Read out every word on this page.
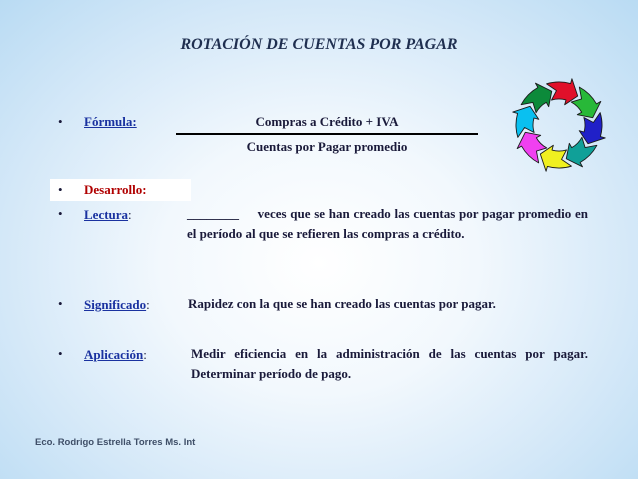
ROTACIÓN DE CUENTAS POR PAGAR
• Fórmula:	Compras a Crédito + IVA
Cuentas por Pagar promedio
• Desarrollo:
• Lectura:	________ veces que se han creado las cuentas por pagar promedio en el período al que se refieren las compras a crédito.
• Significado:	Rapidez con la que se han creado las cuentas por pagar.
• Aplicación:	Medir eficiencia en la administración de las cuentas por pagar. Determinar período de pago.
Eco. Rodrigo Estrella Torres Ms. Int
